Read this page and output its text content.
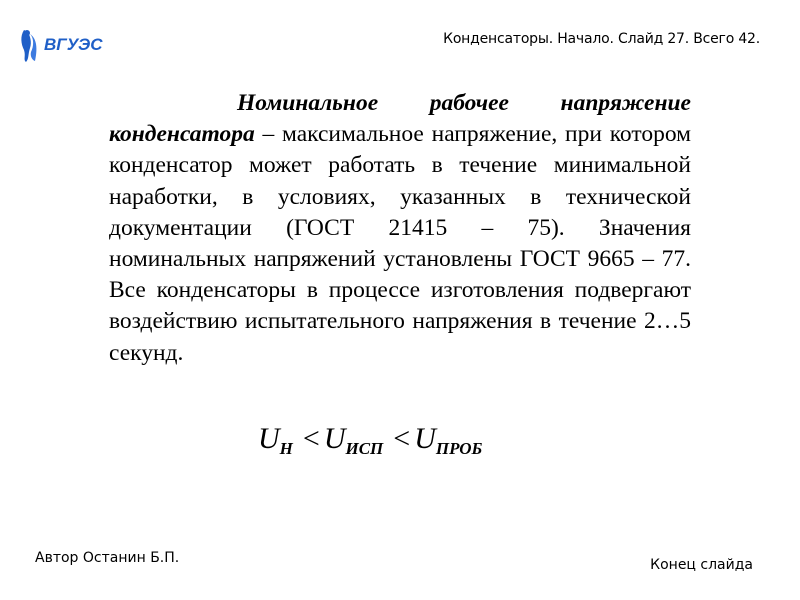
ВГУЭС	Конденсаторы. Начало. Слайд 27. Всего 42.
Номинальное рабочее напряжение конденсатора – максимальное напряжение, при котором конденсатор может работать в течение минимальной наработки, в условиях, указанных в технической документации (ГОСТ 21415 – 75). Значения номинальных напряжений установлены ГОСТ 9665 – 77. Все конденсаторы в процессе изготовления подвергают воздействию испытательного напряжения в течение 2…5 секунд.
$U_Н < U_{ИСП} < U_{ПРОБ}$
Автор Останин Б.П.	Конец слайда
